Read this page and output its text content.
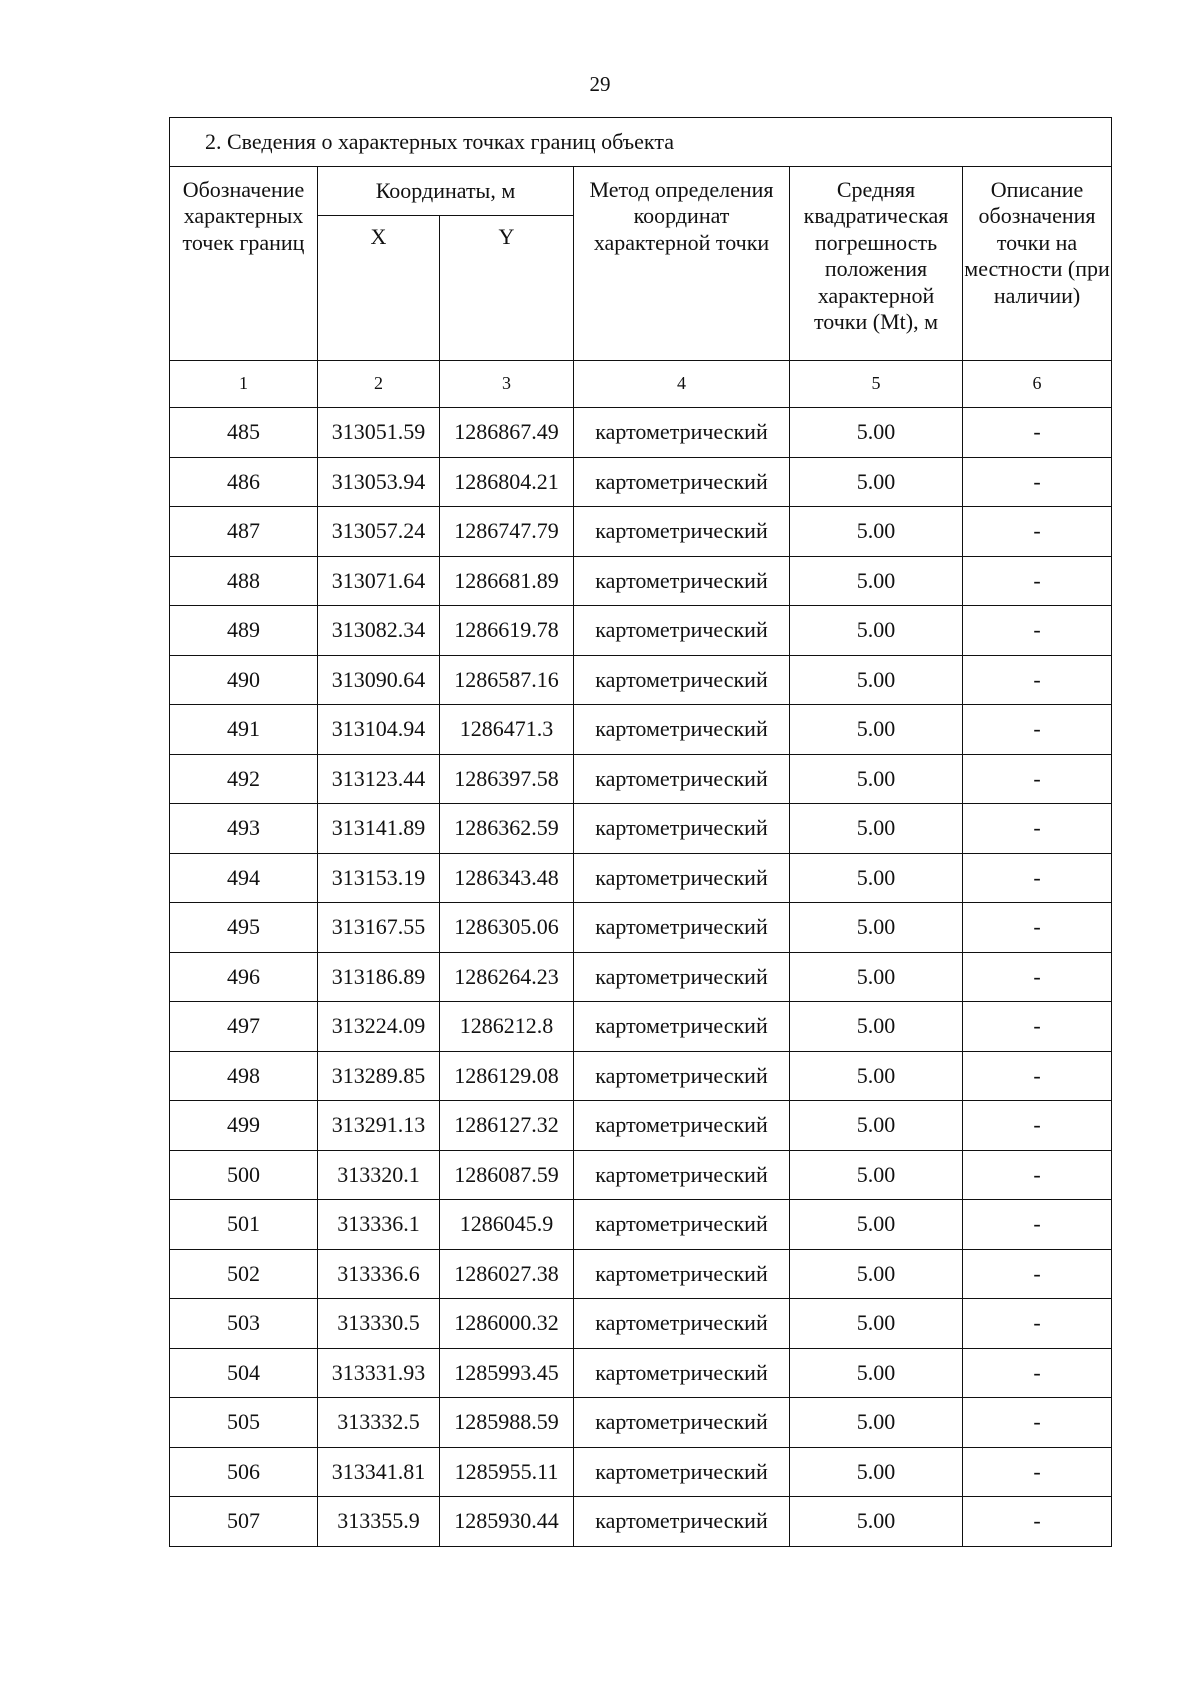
29
2. Сведения о характерных точках границ объекта					
Обозначение характерных точек границ	Координаты, м		Метод определения координат характерной точки	Средняя квадратическая погрешность положения характерной точки (Mt), м	Описание обозначения точки на местности (при наличии)
	X	Y			
1	2	3	4	5	6
485	313051.59	1286867.49	картометрический	5.00	-
486	313053.94	1286804.21	картометрический	5.00	-
487	313057.24	1286747.79	картометрический	5.00	-
488	313071.64	1286681.89	картометрический	5.00	-
489	313082.34	1286619.78	картометрический	5.00	-
490	313090.64	1286587.16	картометрический	5.00	-
491	313104.94	1286471.3	картометрический	5.00	-
492	313123.44	1286397.58	картометрический	5.00	-
493	313141.89	1286362.59	картометрический	5.00	-
494	313153.19	1286343.48	картометрический	5.00	-
495	313167.55	1286305.06	картометрический	5.00	-
496	313186.89	1286264.23	картометрический	5.00	-
497	313224.09	1286212.8	картометрический	5.00	-
498	313289.85	1286129.08	картометрический	5.00	-
499	313291.13	1286127.32	картометрический	5.00	-
500	313320.1	1286087.59	картометрический	5.00	-
501	313336.1	1286045.9	картометрический	5.00	-
502	313336.6	1286027.38	картометрический	5.00	-
503	313330.5	1286000.32	картометрический	5.00	-
504	313331.93	1285993.45	картометрический	5.00	-
505	313332.5	1285988.59	картометрический	5.00	-
506	313341.81	1285955.11	картометрический	5.00	-
507	313355.9	1285930.44	картометрический	5.00	-
